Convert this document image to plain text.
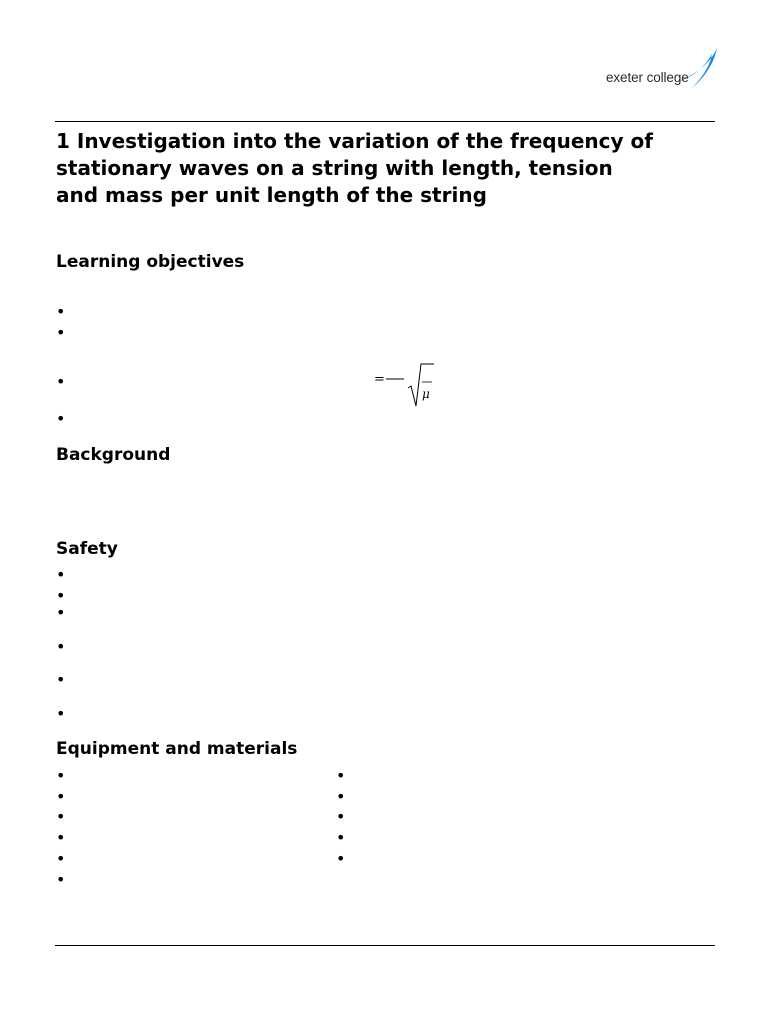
exeter college
1 Investigation into the variation of the frequency of stationary waves on a string with length, tension and mass per unit length of the string
Learning objectives
•
•
•
•
=
μ
Background
Safety
•
•
•
•
•
•
Equipment and materials
•
•
•
•
•
•
•
•
•
•
•
